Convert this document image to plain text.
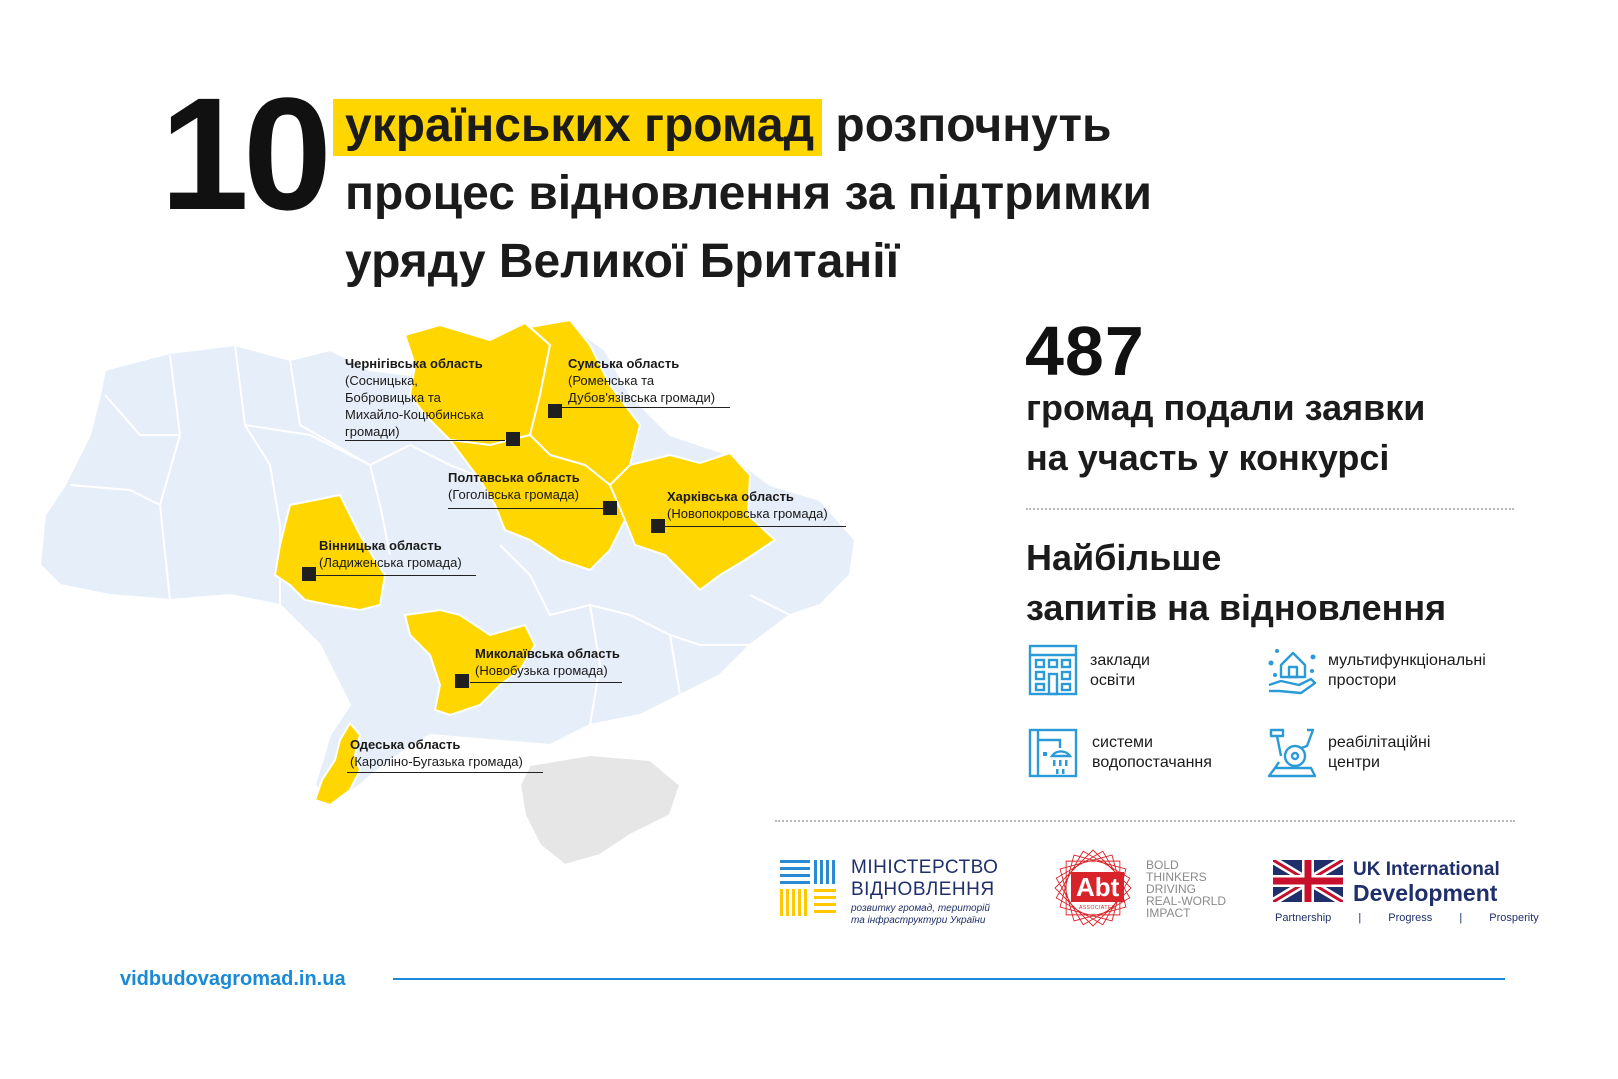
10 українських громад розпочнуть
процес відновлення за підтримки
уряду Великої Британії
Чернігівська область
(Сосницька,
Бобровицька та
Михайло-Коцюбинська
громади)
Сумська область
(Роменська та
Дубов'язівська громади)
Полтавська область
(Гоголівська громада)	Харківська область
(Новопокровська громада)
Вінницька область
(Ладиженська громада)
Миколаївська область
(Новобузька громада)
Одеська область
(Кароліно-Бугазька громада)
487
громад подали заявки
на участь у конкурсі
Найбільше
запитів на відновлення
заклади
освіти
мультифункціональні
простори
системи
водопостачання
реабілітаційні
центри
МІНІСТЕРСТВО
ВІДНОВЛЕННЯ
розвитку громад, територій
та інфраструктури України
Abt
ASSOCIATES
BOLD
THINKERS
DRIVING
REAL-WORLD
IMPACT
UK International
Development
Partnership | Progress | Prosperity
vidbudovagromad.in.ua
